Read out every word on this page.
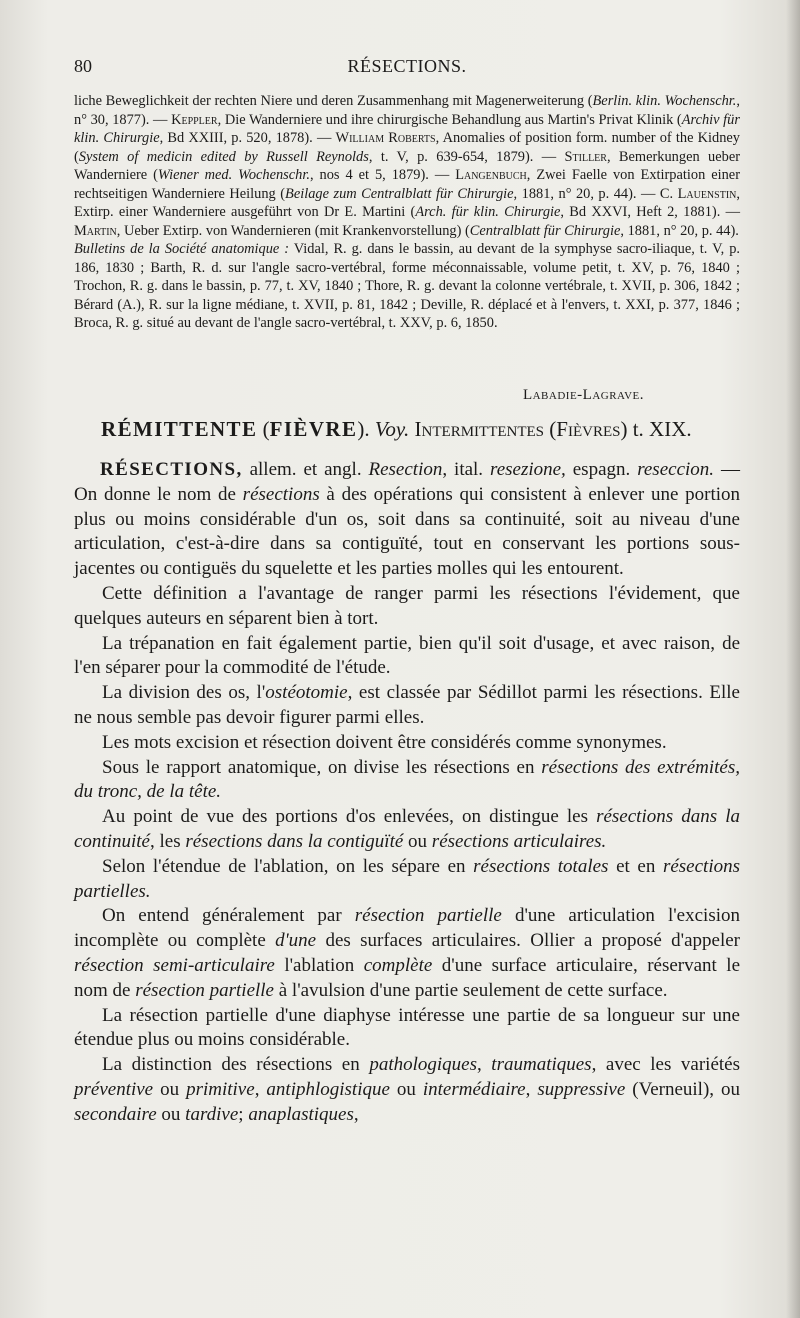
80	RÉSECTIONS.

liche Beweglichkeit der rechten Niere und deren Zusammenhang mit Magenerweiterung (Berlin. klin. Wochenschr., n° 30, 1877). — Keppler, Die Wanderniere und ihre chirurgische Behandlung aus Martin's Privat Klinik (Archiv für klin. Chirurgie, Bd XXIII, p. 520, 1878). — William Roberts, Anomalies of position form. number of the Kidney (System of medicin edited by Russell Reynolds, t. V, p. 639-654, 1879). — Stiller, Bemerkungen ueber Wanderniere (Wiener med. Wochenschr., nos 4 et 5, 1879). — Langenbuch, Zwei Faelle von Extirpation einer rechtseitigen Wanderniere Heilung (Beilage zum Centralblatt für Chirurgie, 1881, n° 20, p. 44). — C. Lauenstin, Extirp. einer Wanderniere ausgeführt von Dr E. Martini (Arch. für klin. Chirurgie, Bd XXVI, Heft 2, 1881). — Martin, Ueber Extirp. von Wandernieren (mit Krankenvorstellung) (Centralblatt für Chirurgie, 1881, n° 20, p. 44).

Bulletins de la Société anatomique : Vidal, R. g. dans le bassin, au devant de la symphyse sacro-iliaque, t. V, p. 186, 1830 ; Barth, R. d. sur l'angle sacro-vertébral, forme méconnaissable, volume petit, t. XV, p. 76, 1840 ; Trochon, R. g. dans le bassin, p. 77, t. XV, 1840 ; Thore, R. g. devant la colonne vertébrale, t. XVII, p. 306, 1842 ; Bérard (A.), R. sur la ligne médiane, t. XVII, p. 81, 1842 ; Deville, R. déplacé et à l'envers, t. XXI, p. 377, 1846 ; Broca, R. g. situé au devant de l'angle sacro-vertébral, t. XXV, p. 6, 1850.

Labadie-Lagrave.
RÉMITTENTE (FIÈVRE). Voy. Intermittentes (Fièvres) t. XIX.

RÉSECTIONS, allem. et angl. Resection, ital. resezione, espagn. reseccion. — On donne le nom de résections à des opérations qui consistent à enlever une portion plus ou moins considérable d'un os, soit dans sa continuité, soit au niveau d'une articulation, c'est-à-dire dans sa contiguïté, tout en conservant les portions sous-jacentes ou contiguës du squelette et les parties molles qui les entourent.

Cette définition a l'avantage de ranger parmi les résections l'évidement, que quelques auteurs en séparent bien à tort.

La trépanation en fait également partie, bien qu'il soit d'usage, et avec raison, de l'en séparer pour la commodité de l'étude.

La division des os, l'ostéotomie, est classée par Sédillot parmi les résections. Elle ne nous semble pas devoir figurer parmi elles.

Les mots excision et résection doivent être considérés comme synonymes.

Sous le rapport anatomique, on divise les résections en résections des extrémités, du tronc, de la tête.

Au point de vue des portions d'os enlevées, on distingue les résections dans la continuité, les résections dans la contiguïté ou résections articulaires.

Selon l'étendue de l'ablation, on les sépare en résections totales et en résections partielles.

On entend généralement par résection partielle d'une articulation l'excision incomplète ou complète d'une des surfaces articulaires. Ollier a proposé d'appeler résection semi-articulaire l'ablation complète d'une surface articulaire, réservant le nom de résection partielle à l'avulsion d'une partie seulement de cette surface.

La résection partielle d'une diaphyse intéresse une partie de sa longueur sur une étendue plus ou moins considérable.

La distinction des résections en pathologiques, traumatiques, avec les variétés préventive ou primitive, antiphlogistique ou intermédiaire, suppressive (Verneuil), ou secondaire ou tardive; anaplastiques,
